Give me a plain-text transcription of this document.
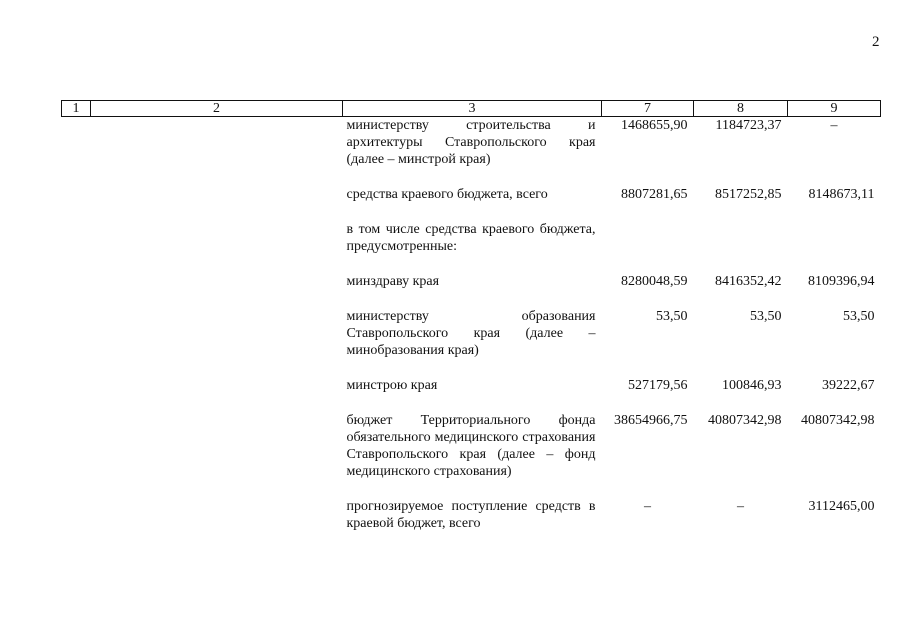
2
1	2	3	7	8	9
		министерству строительства и архитектуры Ставропольского края (далее – минстрой края)	1468655,90	1184723,37	–

		средства краевого бюджета, всего	8807281,65	8517252,85	8148673,11

		в том числе средства краевого бюджета, предусмотренные:			

		минздраву края	8280048,59	8416352,42	8109396,94

		министерству образования Ставропольского края (далее – минобразования края)	53,50	53,50	53,50

		минстрою края	527179,56	100846,93	39222,67

		бюджет Территориального фонда обязательного медицинского страхования Ставропольского края (далее – фонд медицинского страхования)	38654966,75	40807342,98	40807342,98

		прогнозируемое поступление средств в краевой бюджет, всего	–	–	3112465,00
